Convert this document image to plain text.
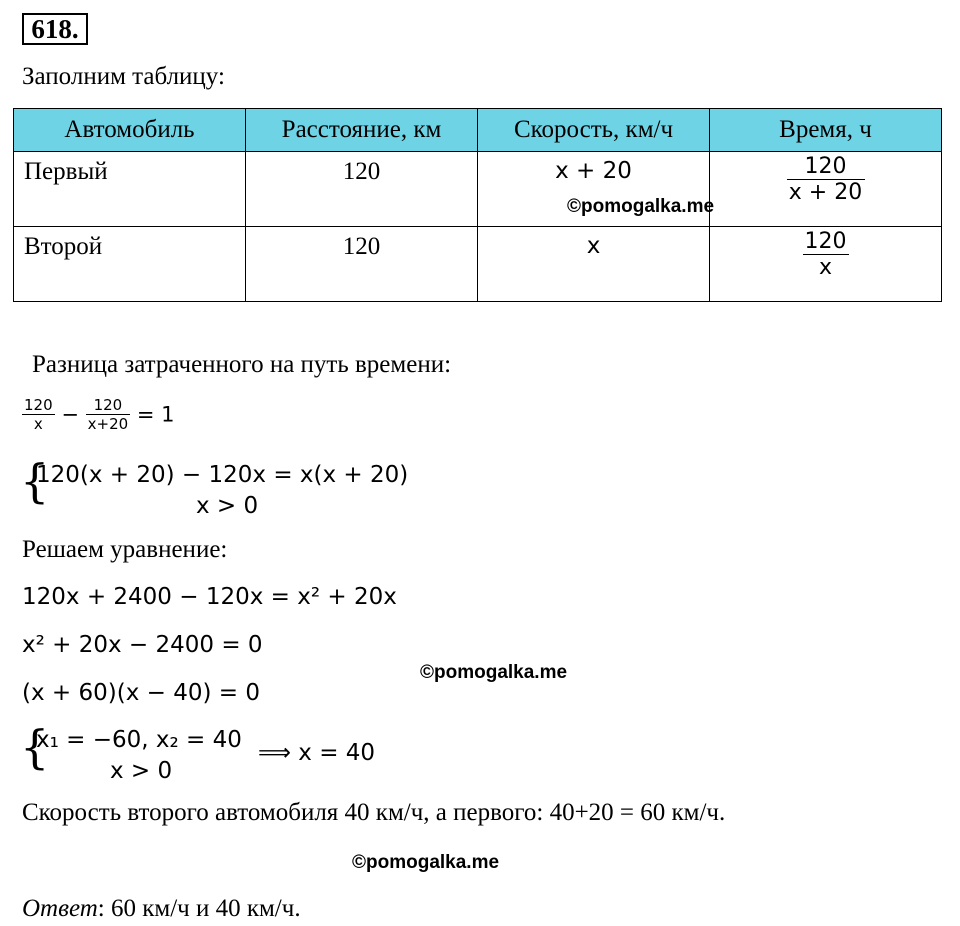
618.
Заполним таблицу:
Автомобиль	Расстояние, км	Скорость, км/ч	Время, ч

Первый	120	x + 20	$\frac{120}{x + 20}$

Второй	120	x	$\frac{120}{x}$
©pomogalka.me
Разница затраченного на путь времени:
$\frac{120}{x} - \frac{120}{x+20} = 1$
{
120(x + 20) − 120x = x(x + 20)
x > 0
Решаем уравнение:
120x + 2400 − 120x = x² + 20x
x² + 20x − 2400 = 0
©pomogalka.me
(x + 60)(x − 40) = 0
{
x₁ = −60, x₂ = 40
x > 0
⟹ x = 40
Скорость второго автомобиля 40 км/ч, а первого: 40+20 = 60 км/ч.
©pomogalka.me
Ответ: 60 км/ч и 40 км/ч.
